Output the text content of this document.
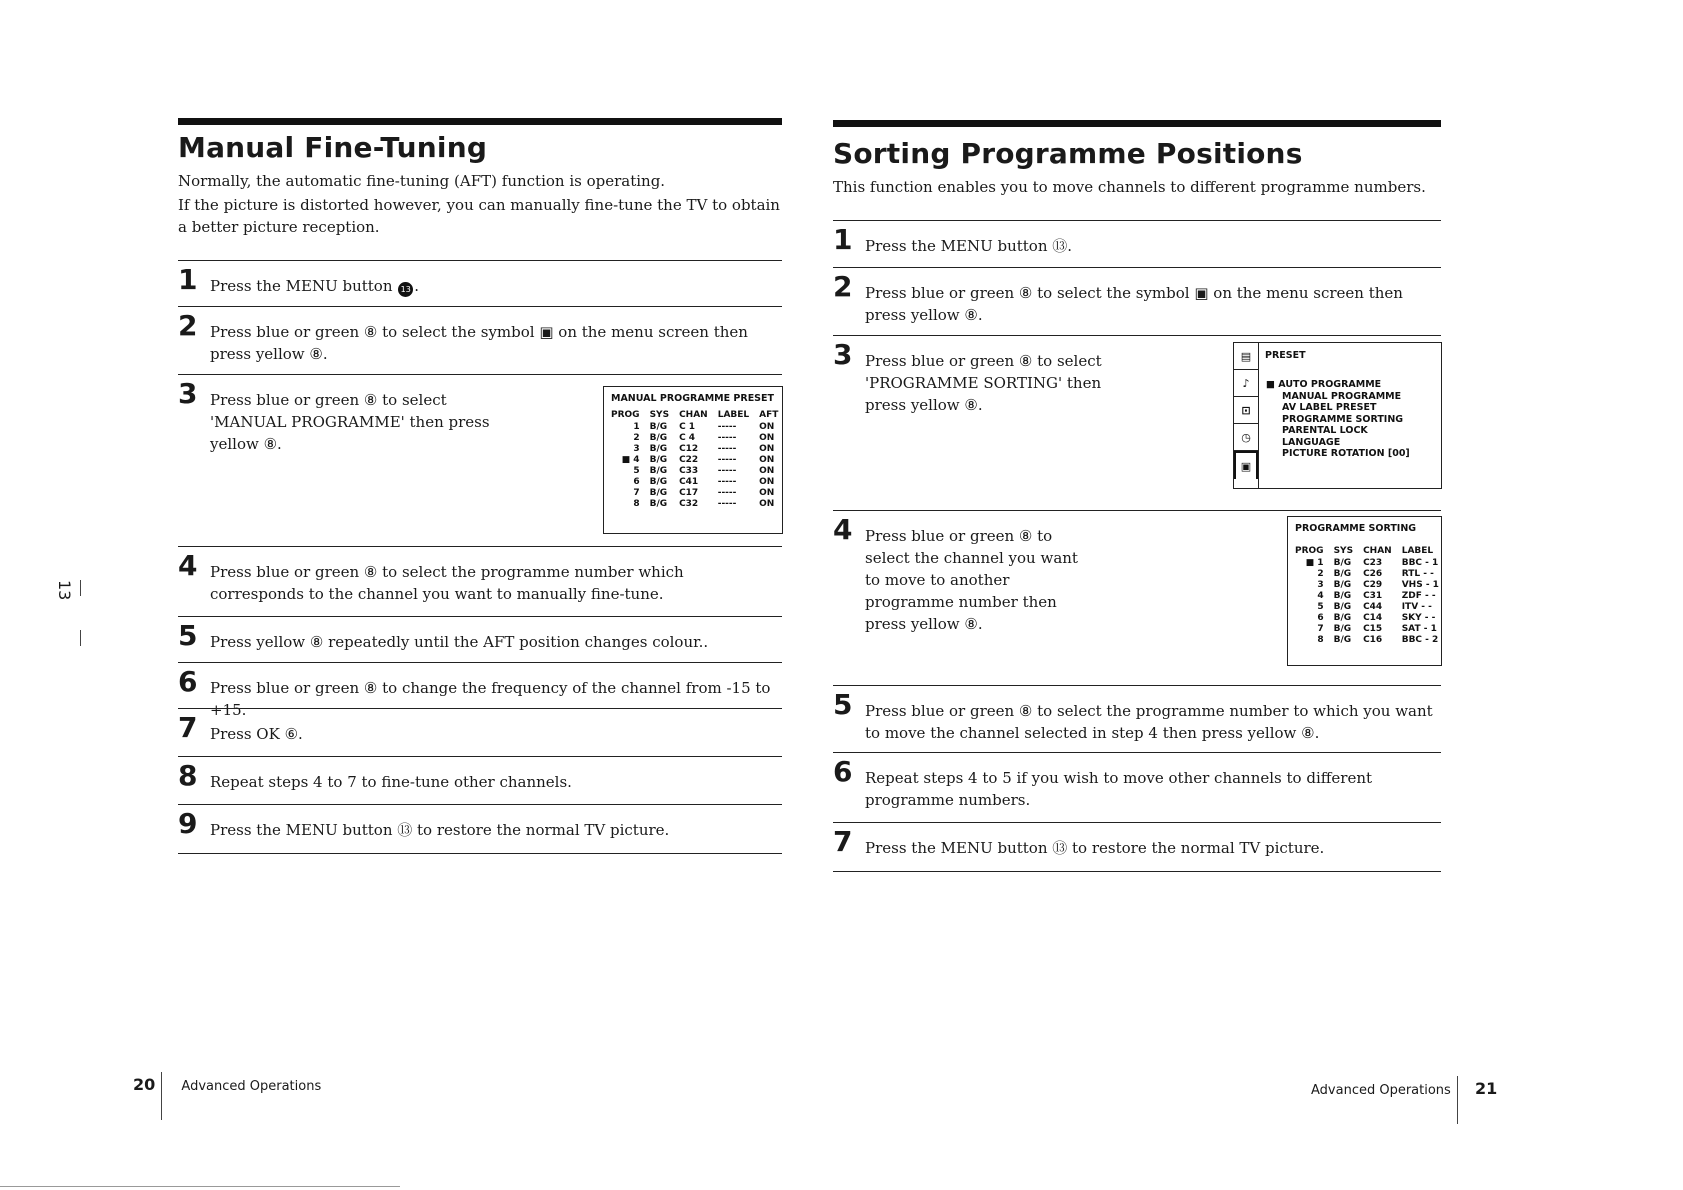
Manual Fine-Tuning

Normally, the automatic fine-tuning (AFT) function is operating.

If the picture is distorted however, you can manually fine-tune the TV to obtain a better picture reception.

1 Press the MENU button 13 .
2 Press blue or green ⑧ to select the symbol ▣ on the menu screen then press yellow ⑧.
3 Press blue or green ⑧ to select 'MANUAL PROGRAMME' then press yellow ⑧.
4 Press blue or green ⑧ to select the programme number which corresponds to the channel you want to manually fine-tune.
5 Press yellow ⑧ repeatedly until the AFT position changes colour..
6 Press blue or green ⑧ to change the frequency of the channel from -15 to +15.
7 Press OK ⑥.
8 Repeat steps 4 to 7 to fine-tune other channels.
9 Press the MENU button ⑬ to restore the normal TV picture.
MANUAL PROGRAMME PRESET
PROG	SYS	CHAN	LABEL	AFT
1	B/G	C 1	-----	ON
2	B/G	C 4	-----	ON
3	B/G	C12	-----	ON
■ 4	B/G	C22	-----	ON
5	B/G	C33	-----	ON
6	B/G	C41	-----	ON
7	B/G	C17	-----	ON
8	B/G	C32	-----	ON
Sorting Programme Positions

This function enables you to move channels to different programme numbers.

1 Press the MENU button ⑬.
2 Press blue or green ⑧ to select the symbol ▣ on the menu screen then press yellow ⑧.
3 Press blue or green ⑧ to select 'PROGRAMME SORTING' then press yellow ⑧.
4 Press blue or green ⑧ to select the channel you want to move to another programme number then press yellow ⑧.
5 Press blue or green ⑧ to select the programme number to which you want to move the channel selected in step 4 then press yellow ⑧.
6 Repeat steps 4 to 5 if you wish to move other channels to different programme numbers.
7 Press the MENU button ⑬ to restore the normal TV picture.
▤
♪
⊡
◷
▣
PRESET
■ AUTO PROGRAMME
MANUAL PROGRAMME
AV LABEL PRESET
PROGRAMME SORTING
PARENTAL LOCK
LANGUAGE
PICTURE ROTATION [00]
PROGRAMME SORTING
PROG	SYS	CHAN	LABEL
■ 1	B/G	C23	BBC - 1
2	B/G	C26	RTL - -
3	B/G	C29	VHS - 1
4	B/G	C31	ZDF - -
5	B/G	C44	ITV - -
6	B/G	C14	SKY - -
7	B/G	C15	SAT - 1
8	B/G	C16	BBC - 2
13
20 Advanced Operations	Advanced Operations 21
